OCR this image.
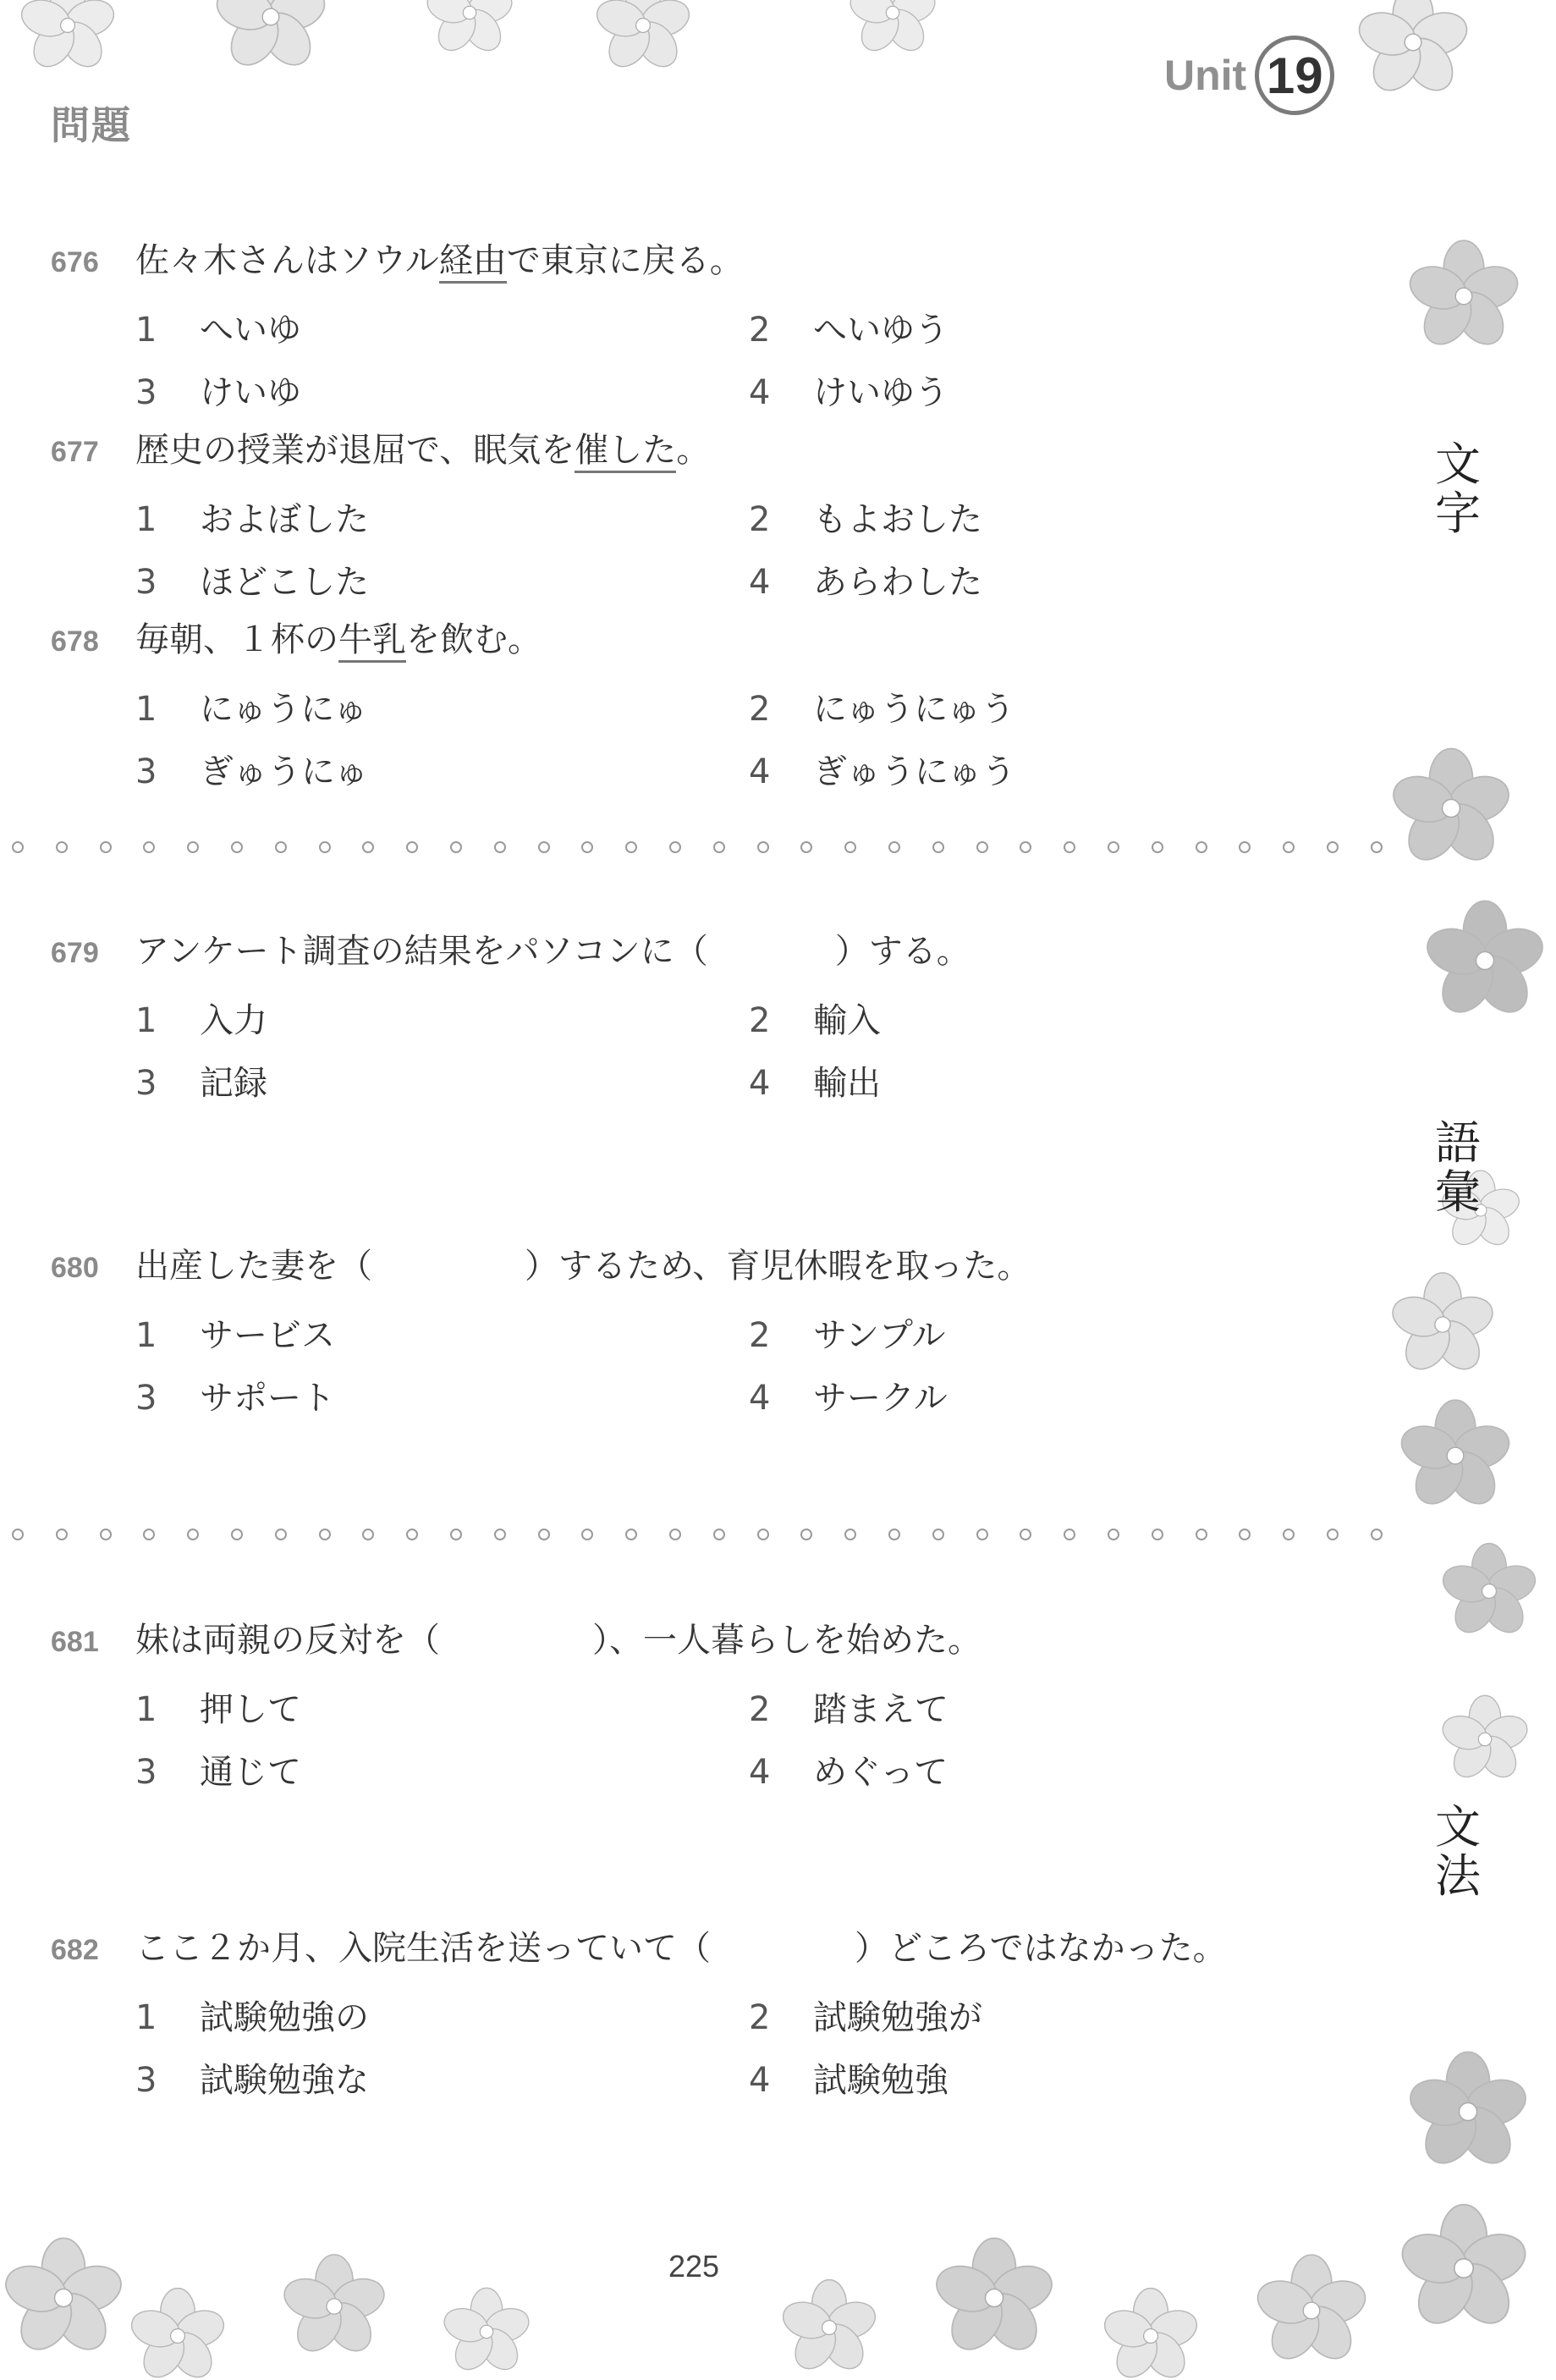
問題
Unit 19
文字
語彙
文法
676	佐々木さんはソウル経由で東京に戻る。
1	へいゆ	2	へいゆう
3	けいゆ	4	けいゆう
677	歴史の授業が退屈で、眠気を催した。
1	およぼした	2	もよおした
3	ほどこした	4	あらわした
678	毎朝、１杯の牛乳を飲む。
1	にゅうにゅ	2	にゅうにゅう
3	ぎゅうにゅ	4	ぎゅうにゅう
679	アンケート調査の結果をパソコンに（	）する。
1	入力	2	輸入
3	記録	4	輸出
680	出産した妻を（	）するため、育児休暇を取った。
1	サービス	2	サンプル
3	サポート	4	サークル
681	妹は両親の反対を（	）、一人暮らしを始めた。
1	押して	2	踏まえて
3	通じて	4	めぐって
682	ここ２か月、入院生活を送っていて（	）どころではなかった。
1	試験勉強の	2	試験勉強が
3	試験勉強な	4	試験勉強
225
